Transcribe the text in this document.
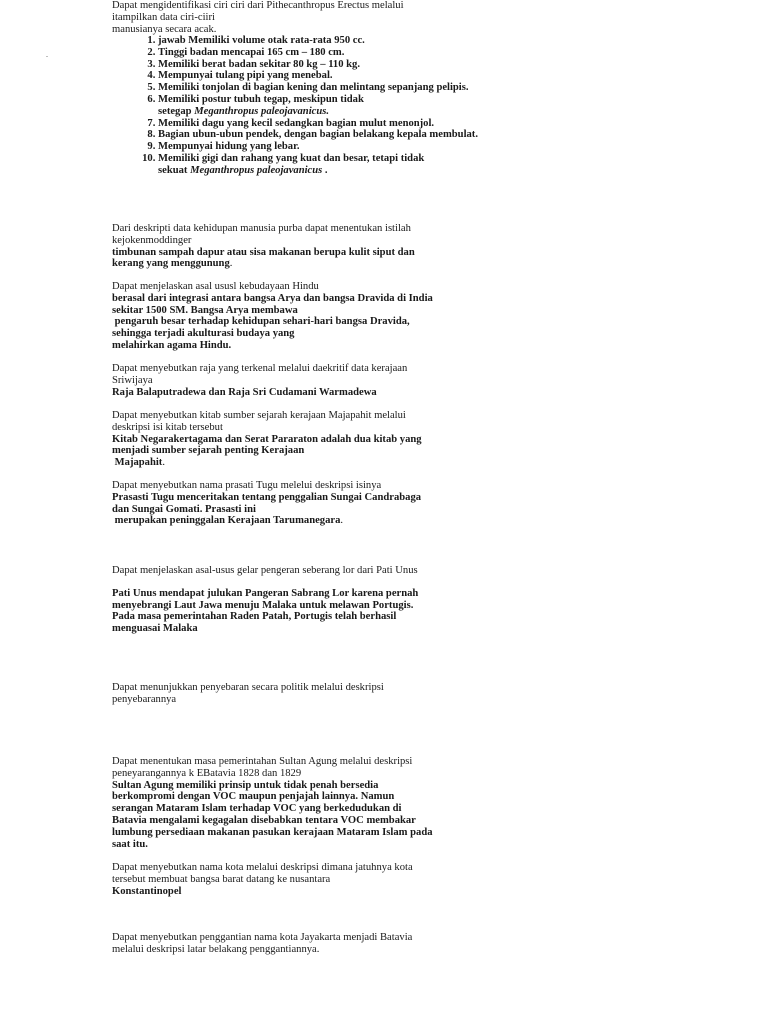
.

Dapat mengidentifikasi ciri ciri dari Pithecanthropus Erectus melalui

itampilkan data ciri-ciiri

manusianya secara acak.

1. jawab Memiliki volume otak rata-rata 950 cc.
2. Tinggi badan mencapai 165 cm – 180 cm.
3. Memiliki berat badan sekitar 80 kg – 110 kg.
4. Mempunyai tulang pipi yang menebal.
5. Memiliki tonjolan di bagian kening dan melintang sepanjang pelipis.
6. Memiliki postur tubuh tegap, meskipun tidak
setegap Meganthropus paleojavanicus.
7. Memiliki dagu yang kecil sedangkan bagian mulut menonjol.
8. Bagian ubun-ubun pendek, dengan bagian belakang kepala membulat.
9. Mempunyai hidung yang lebar.
10. Memiliki gigi dan rahang yang kuat dan besar, tetapi tidak
sekuat Meganthropus paleojavanicus .

Dari deskripti data kehidupan manusia purba dapat menentukan istilah

kejokenmoddinger

timbunan sampah dapur atau sisa makanan berupa kulit siput dan

kerang yang menggunung.

Dapat menjelaskan asal ususl kebudayaan Hindu

berasal dari integrasi antara bangsa Arya dan bangsa Dravida di India

sekitar 1500 SM. Bangsa Arya membawa

pengaruh besar terhadap kehidupan sehari-hari bangsa Dravida,

sehingga terjadi akulturasi budaya yang

melahirkan agama Hindu.

Dapat menyebutkan raja yang terkenal melalui daekritif data kerajaan

Sriwijaya

Raja Balaputradewa dan Raja Sri Cudamani Warmadewa

Dapat menyebutkan kitab sumber sejarah kerajaan Majapahit melalui

deskripsi isi kitab tersebut

Kitab Negarakertagama dan Serat Pararaton adalah dua kitab yang

menjadi sumber sejarah penting Kerajaan

Majapahit.

Dapat menyebutkan nama prasati Tugu melelui deskripsi isinya

Prasasti Tugu menceritakan tentang penggalian Sungai Candrabaga

dan Sungai Gomati. Prasasti ini

merupakan peninggalan Kerajaan Tarumanegara.

Dapat menjelaskan asal-usus gelar pengeran seberang lor dari Pati Unus

Pati Unus mendapat julukan Pangeran Sabrang Lor karena pernah

menyebrangi Laut Jawa menuju Malaka untuk melawan Portugis.

Pada masa pemerintahan Raden Patah, Portugis telah berhasil

menguasai Malaka

Dapat menunjukkan penyebaran secara politik melalui deskripsi

penyebarannya

Dapat menentukan masa pemerintahan Sultan Agung melalui deskripsi

peneyarangannya k EBatavia 1828 dan 1829

Sultan Agung memiliki prinsip untuk tidak penah bersedia

berkompromi dengan VOC maupun penjajah lainnya. Namun

serangan Mataram Islam terhadap VOC yang berkedudukan di

Batavia mengalami kegagalan disebabkan tentara VOC membakar

lumbung persediaan makanan pasukan kerajaan Mataram Islam pada

saat itu.

Dapat menyebutkan nama kota melalui deskripsi dimana jatuhnya kota

tersebut membuat bangsa barat datang ke nusantara

Konstantinopel

Dapat menyebutkan penggantian nama kota Jayakarta menjadi Batavia

melalui deskripsi latar belakang penggantiannya.
